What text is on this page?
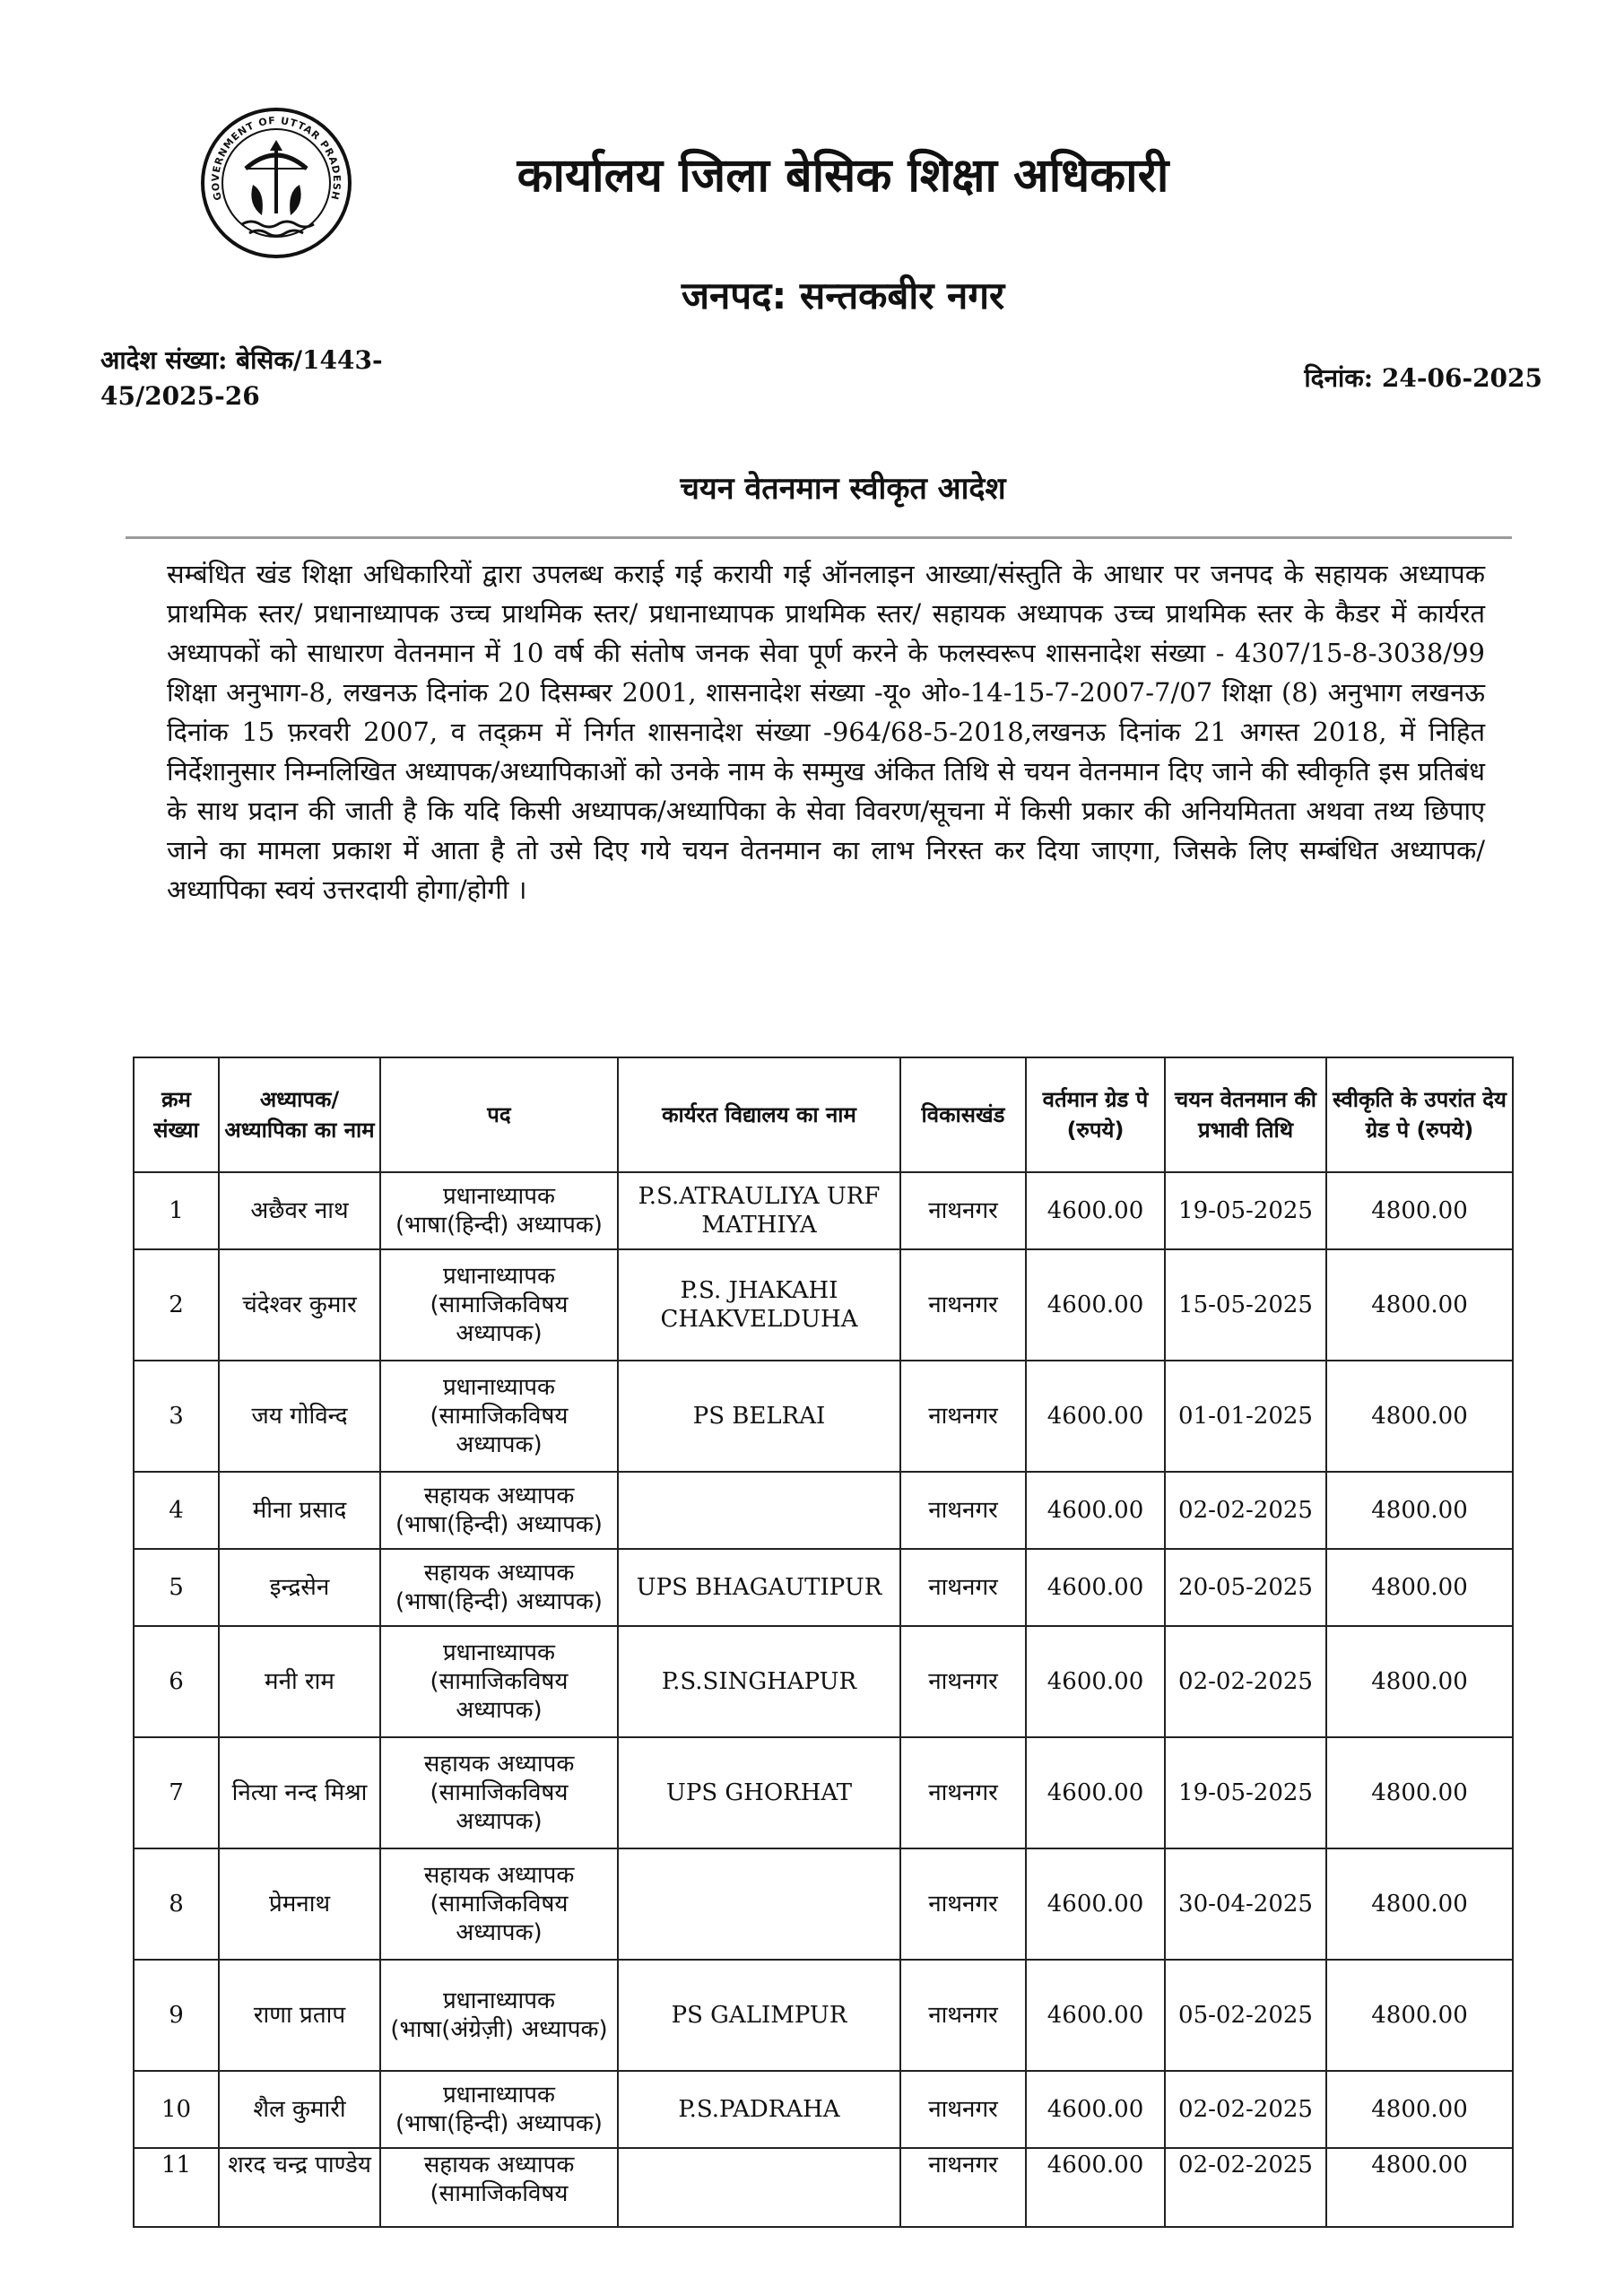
GOVERNMENT OF UTTAR PRADESH	कार्यालय जिला बेसिक शिक्षा अधिकारी
जनपद: सन्तकबीर नगर
आदेश संख्या: बेसिक/1443-
45/2025-26
दिनांक: 24-06-2025
चयन वेतनमान स्वीकृत आदेश

सम्बंधित खंड शिक्षा अधिकारियों द्वारा उपलब्ध कराई गई करायी गई ऑनलाइन आख्या/संस्तुति के आधार पर जनपद के सहायक अध्यापक प्राथमिक स्तर/ प्रधानाध्यापक उच्च प्राथमिक स्तर/ प्रधानाध्यापक प्राथमिक स्तर/ सहायक अध्यापक उच्च प्राथमिक स्तर के कैडर में कार्यरत अध्यापकों को साधारण वेतनमान में 10 वर्ष की संतोष जनक सेवा पूर्ण करने के फलस्वरूप शासनादेश संख्या - 4307/15-8-3038/99 शिक्षा अनुभाग-8, लखनऊ दिनांक 20 दिसम्बर 2001, शासनादेश संख्या -यू० ओ०-14-15-7-2007-7/07 शिक्षा (8) अनुभाग लखनऊ दिनांक 15 फ़रवरी 2007, व तद्क्रम में निर्गत शासनादेश संख्या -964/68-5-2018,लखनऊ दिनांक 21 अगस्त 2018, में निहित निर्देशानुसार निम्नलिखित अध्यापक/अध्यापिकाओं को उनके नाम के सम्मुख अंकित तिथि से चयन वेतनमान दिए जाने की स्वीकृति इस प्रतिबंध के साथ प्रदान की जाती है कि यदि किसी अध्यापक/अध्यापिका के सेवा विवरण/सूचना में किसी प्रकार की अनियमितता अथवा तथ्य छिपाए जाने का मामला प्रकाश में आता है तो उसे दिए गये चयन वेतनमान का लाभ निरस्त कर दिया जाएगा, जिसके लिए सम्बंधित अध्यापक/अध्यापिका स्वयं उत्तरदायी होगा/होगी ।

क्रम संख्या	अध्यापक/ अध्यापिका का नाम	पद	कार्यरत विद्यालय का नाम	विकासखंड	वर्तमान ग्रेड पे (रुपये)	चयन वेतनमान की प्रभावी तिथि	स्वीकृति के उपरांत देय ग्रेड पे (रुपये)
1	अछैवर नाथ	प्रधानाध्यापक (भाषा(हिन्दी) अध्यापक)	P.S.ATRAULIYA URF MATHIYA	नाथनगर	4600.00	19-05-2025	4800.00
2	चंदेश्वर कुमार	प्रधानाध्यापक (सामाजिकविषय अध्यापक)	P.S. JHAKAHI CHAKVELDUHA	नाथनगर	4600.00	15-05-2025	4800.00
3	जय गोविन्द	प्रधानाध्यापक (सामाजिकविषय अध्यापक)	PS BELRAI	नाथनगर	4600.00	01-01-2025	4800.00
4	मीना प्रसाद	सहायक अध्यापक (भाषा(हिन्दी) अध्यापक)		नाथनगर	4600.00	02-02-2025	4800.00
5	इन्द्रसेन	सहायक अध्यापक (भाषा(हिन्दी) अध्यापक)	UPS BHAGAUTIPUR	नाथनगर	4600.00	20-05-2025	4800.00
6	मनी राम	प्रधानाध्यापक (सामाजिकविषय अध्यापक)	P.S.SINGHAPUR	नाथनगर	4600.00	02-02-2025	4800.00
7	नित्या नन्द मिश्रा	सहायक अध्यापक (सामाजिकविषय अध्यापक)	UPS GHORHAT	नाथनगर	4600.00	19-05-2025	4800.00
8	प्रेमनाथ	सहायक अध्यापक (सामाजिकविषय अध्यापक)		नाथनगर	4600.00	30-04-2025	4800.00
9	राणा प्रताप	प्रधानाध्यापक (भाषा(अंग्रेज़ी) अध्यापक)	PS GALIMPUR	नाथनगर	4600.00	05-02-2025	4800.00
10	शैल कुमारी	प्रधानाध्यापक (भाषा(हिन्दी) अध्यापक)	P.S.PADRAHA	नाथनगर	4600.00	02-02-2025	4800.00
11	शरद चन्द्र पाण्डेय	सहायक अध्यापक (सामाजिकविषय		नाथनगर	4600.00	02-02-2025	4800.00
